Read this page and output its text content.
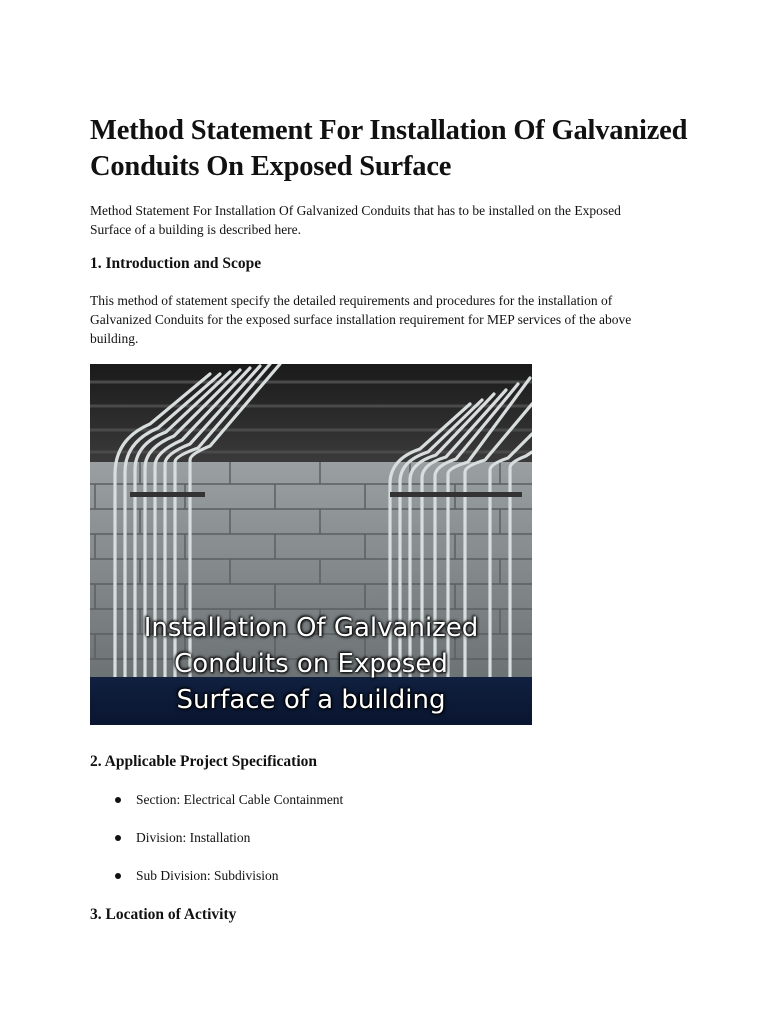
Method Statement For Installation Of Galvanized Conduits On Exposed Surface

Method Statement For Installation Of Galvanized Conduits that has to be installed on the Exposed Surface of a building is described here.

1. Introduction and Scope

This method of statement specify the detailed requirements and procedures for the installation of Galvanized Conduits for the exposed surface installation requirement for MEP services of the above building.

Installation Of Galvanized
Conduits on Exposed
Surface of a building
2. Applicable Project Specification
Section: Electrical Cable Containment
Division: Installation
Sub Division: Subdivision
3. Location of Activity
